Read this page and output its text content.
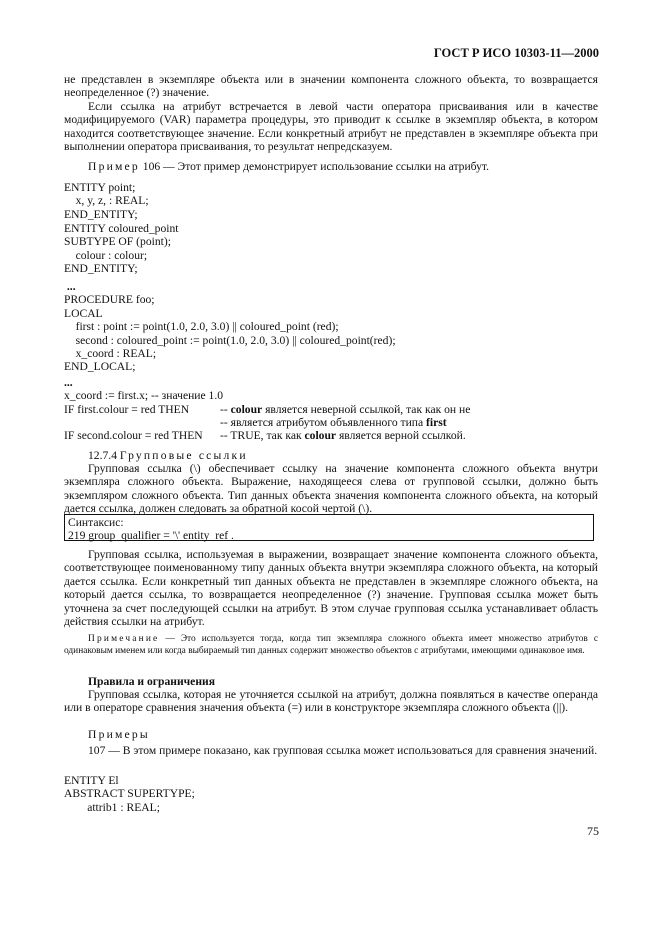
ГОСТ Р ИСО 10303-11—2000
не представлен в экземпляре объекта или в значении компонента сложного объекта, то возвращается неопределенное (?) значение.
Если ссылка на атрибут встречается в левой части оператора присваивания или в качестве модифицируемого (VAR) параметра процедуры, это приводит к ссылке в экземпляр объекта, в котором находится соответствующее значение. Если конкретный атрибут не представлен в экземпляре объекта при выполнении оператора присваивания, то результат непредсказуем.
Пример 106 — Этот пример демонстрирует использование ссылки на атрибут.
ENTITY point;
x, y, z, : REAL;
END_ENTITY;
ENTITY coloured_point
SUBTYPE OF (point);
colour : colour;
END_ENTITY;
...
PROCEDURE foo;
LOCAL
first : point := point(1.0, 2.0, 3.0) || coloured_point (red);
second : coloured_point := point(1.0, 2.0, 3.0) || coloured_point(red);
x_coord : REAL;
END_LOCAL;
...
x_coord := first.x; -- значение 1.0
IF first.colour = red THEN	-- colour является неверной ссылкой, так как он не
-- является атрибутом объявленного типа first
IF second.colour = red THEN -- TRUE, так как colour является верной ссылкой.
12.7.4 Групповые ссылки
Групповая ссылка (\) обеспечивает ссылку на значение компонента сложного объекта внутри экземпляра сложного объекта. Выражение, находящееся слева от групповой ссылки, должно быть экземпляром сложного объекта. Тип данных объекта значения компонента сложного объекта, на который дается ссылка, должен следовать за обратной косой чертой (\).
Синтаксис:
219 group_qualifier = '\' entity_ref .
Групповая ссылка, используемая в выражении, возвращает значение компонента сложного объекта, соответствующее поименованному типу данных объекта внутри экземпляра сложного объекта, на который дается ссылка. Если конкретный тип данных объекта не представлен в экземпляре сложного объекта, на который дается ссылка, то возвращается неопределенное (?) значение. Групповая ссылка может быть уточнена за счет последующей ссылки на атрибут. В этом случае групповая ссылка устанавливает область действия ссылки на атрибут.
Примечание — Это используется тогда, когда тип экземпляра сложного объекта имеет множество атрибутов с одинаковым именем или когда выбираемый тип данных содержит множество объектов с атрибутами, имеющими одинаковое имя.
Правила и ограничения
Групповая ссылка, которая не уточняется ссылкой на атрибут, должна появляться в качестве операнда или в операторе сравнения значения объекта (=) или в конструкторе экземпляра сложного объекта (||).
Примеры
107 — В этом примере показано, как групповая ссылка может использоваться для сравнения значений.
ENTITY El
ABSTRACT SUPERTYPE;
attrib1 : REAL;
75
